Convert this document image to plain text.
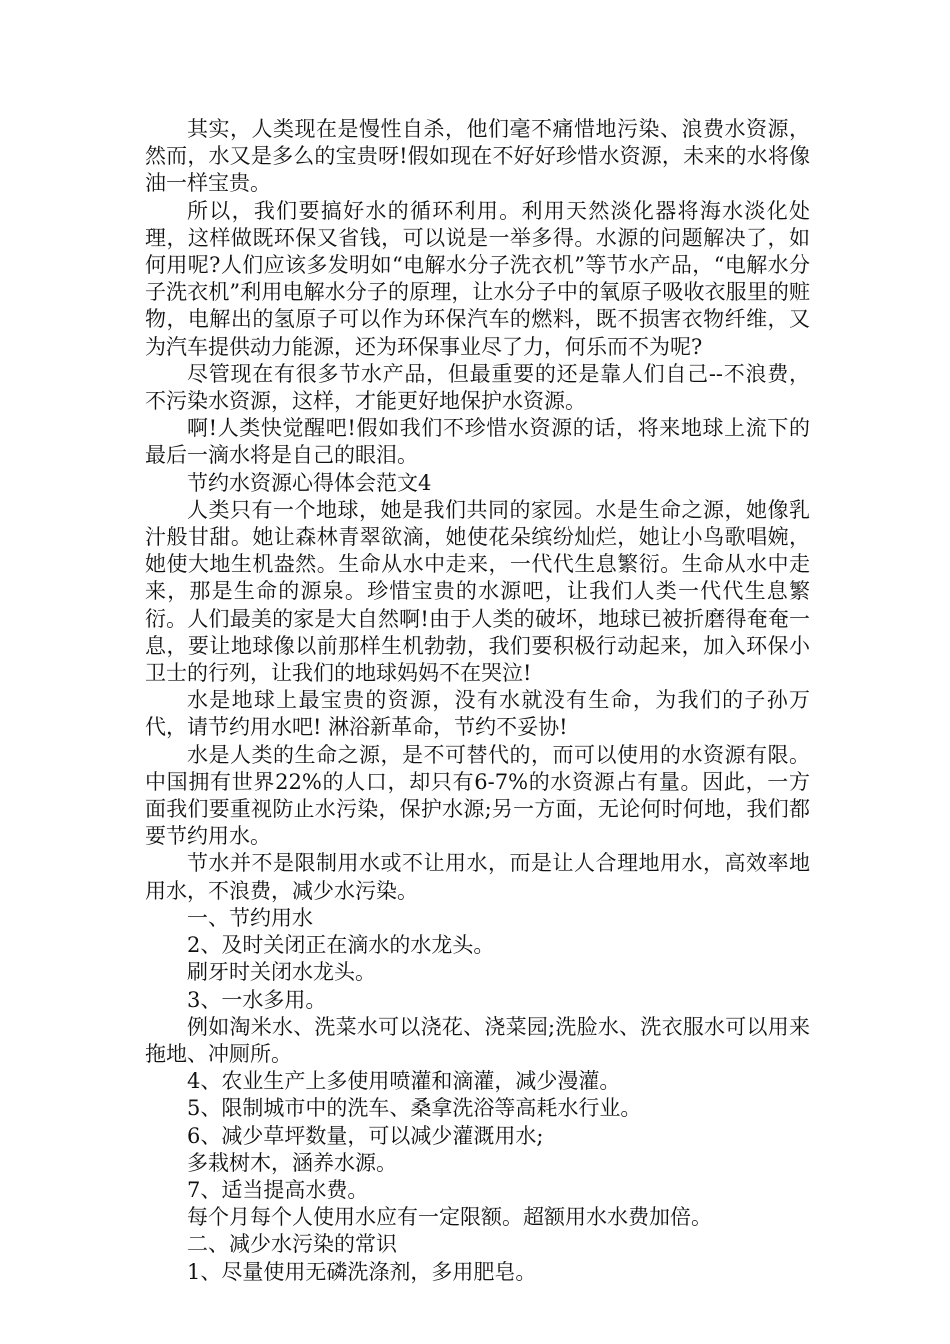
其实，人类现在是慢性自杀，他们毫不痛惜地污染、浪费水资源，然而，水又是多么的宝贵呀!假如现在不好好珍惜水资源，未来的水将像油一样宝贵。

所以，我们要搞好水的循环利用。利用天然淡化器将海水淡化处理，这样做既环保又省钱，可以说是一举多得。水源的问题解决了，如何用呢?人们应该多发明如“电解水分子洗衣机”等节水产品，“电解水分子洗衣机”利用电解水分子的原理，让水分子中的氧原子吸收衣服里的赃物，电解出的氢原子可以作为环保汽车的燃料，既不损害衣物纤维，又为汽车提供动力能源，还为环保事业尽了力，何乐而不为呢?

尽管现在有很多节水产品，但最重要的还是靠人们自己--不浪费，不污染水资源，这样，才能更好地保护水资源。

啊!人类快觉醒吧!假如我们不珍惜水资源的话，将来地球上流下的最后一滴水将是自己的眼泪。

节约水资源心得体会范文4

人类只有一个地球，她是我们共同的家园。水是生命之源，她像乳汁般甘甜。她让森林青翠欲滴，她使花朵缤纷灿烂，她让小鸟歌唱婉，她使大地生机盎然。生命从水中走来，一代代生息繁衍。生命从水中走来，那是生命的源泉。珍惜宝贵的水源吧，让我们人类一代代生息繁衍。人们最美的家是大自然啊!由于人类的破坏，地球已被折磨得奄奄一息，要让地球像以前那样生机勃勃，我们要积极行动起来，加入环保小卫士的行列，让我们的地球妈妈不在哭泣!

水是地球上最宝贵的资源，没有水就没有生命，为我们的子孙万代，请节约用水吧! 淋浴新革命，节约不妥协!

水是人类的生命之源，是不可替代的，而可以使用的水资源有限。中国拥有世界22%的人口，却只有6-7%的水资源占有量。因此，一方面我们要重视防止水污染，保护水源;另一方面，无论何时何地，我们都要节约用水。

节水并不是限制用水或不让用水，而是让人合理地用水，高效率地用水，不浪费，减少水污染。

一、节约用水

2、及时关闭正在滴水的水龙头。

刷牙时关闭水龙头。

3、一水多用。

例如淘米水、洗菜水可以浇花、浇菜园;洗脸水、洗衣服水可以用来拖地、冲厕所。

4、农业生产上多使用喷灌和滴灌，减少漫灌。

5、限制城市中的洗车、桑拿洗浴等高耗水行业。

6、减少草坪数量，可以减少灌溉用水;

多栽树木，涵养水源。

7、适当提高水费。

每个月每个人使用水应有一定限额。超额用水水费加倍。

二、减少水污染的常识

1、尽量使用无磷洗涤剂，多用肥皂。
